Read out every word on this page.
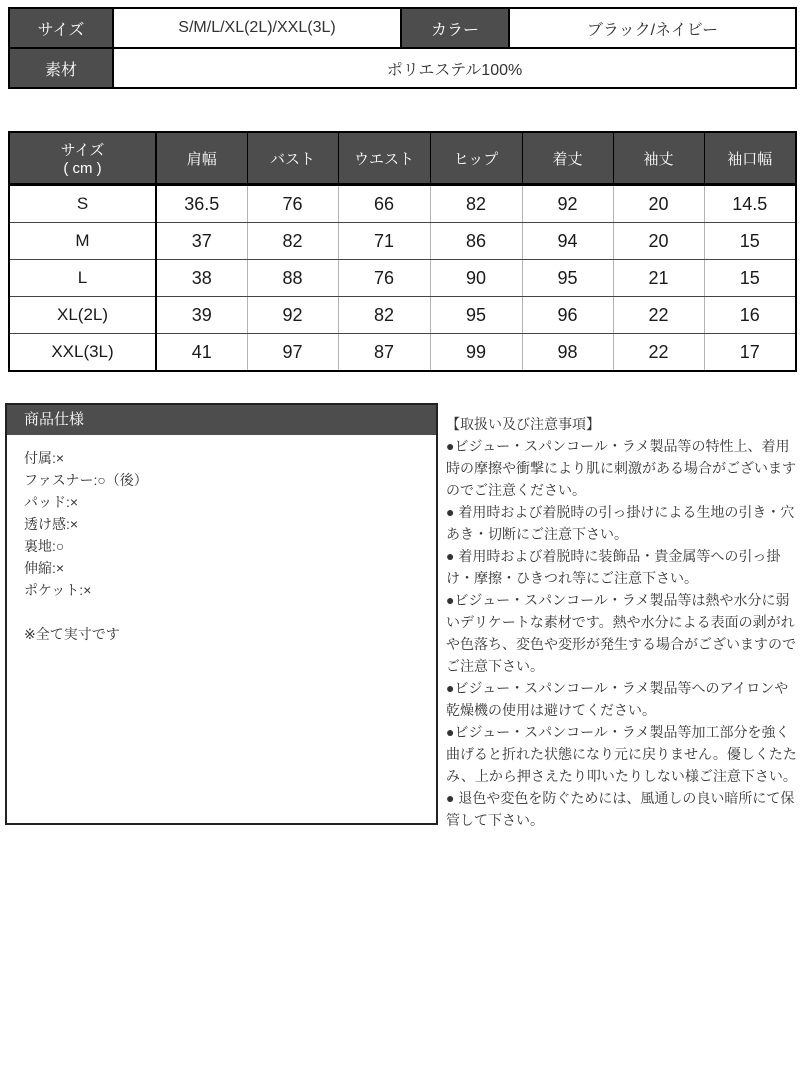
サイズ	S/M/L/XL(2L)/XXL(3L)	カラー	ブラック/ネイビー
素材	ポリエステル100%		
サイズ
( cm )	肩幅	バスト	ウエスト	ヒップ	着丈	袖丈	袖口幅
S	36.5	76	66	82	92	20	14.5
M	37	82	71	86	94	20	15
L	38	88	76	90	95	21	15
XL(2L)	39	92	82	95	96	22	16
XXL(3L)	41	97	87	99	98	22	17
商品仕様
付属:×
ファスナー:○（後）
パッド:×
透け感:×
裏地:○
伸縮:×
ポケット:×
※全て実寸です
【取扱い及び注意事項】
●ビジュー・スパンコール・ラメ製品等の特性上、着用時の摩擦や衝撃により肌に刺激がある場合がございますのでご注意ください。
● 着用時および着脱時の引っ掛けによる生地の引き・穴あき・切断にご注意下さい。
● 着用時および着脱時に装飾品・貴金属等への引っ掛け・摩擦・ひきつれ等にご注意下さい。
●ビジュー・スパンコール・ラメ製品等は熱や水分に弱いデリケートな素材です。熱や水分による表面の剥がれや色落ち、変色や変形が発生する場合がございますのでご注意下さい。
●ビジュー・スパンコール・ラメ製品等へのアイロンや乾燥機の使用は避けてください。
●ビジュー・スパンコール・ラメ製品等加工部分を強く曲げると折れた状態になり元に戻りません。優しくたたみ、上から押さえたり叩いたりしない様ご注意下さい。
● 退色や変色を防ぐためには、風通しの良い暗所にて保管して下さい。
